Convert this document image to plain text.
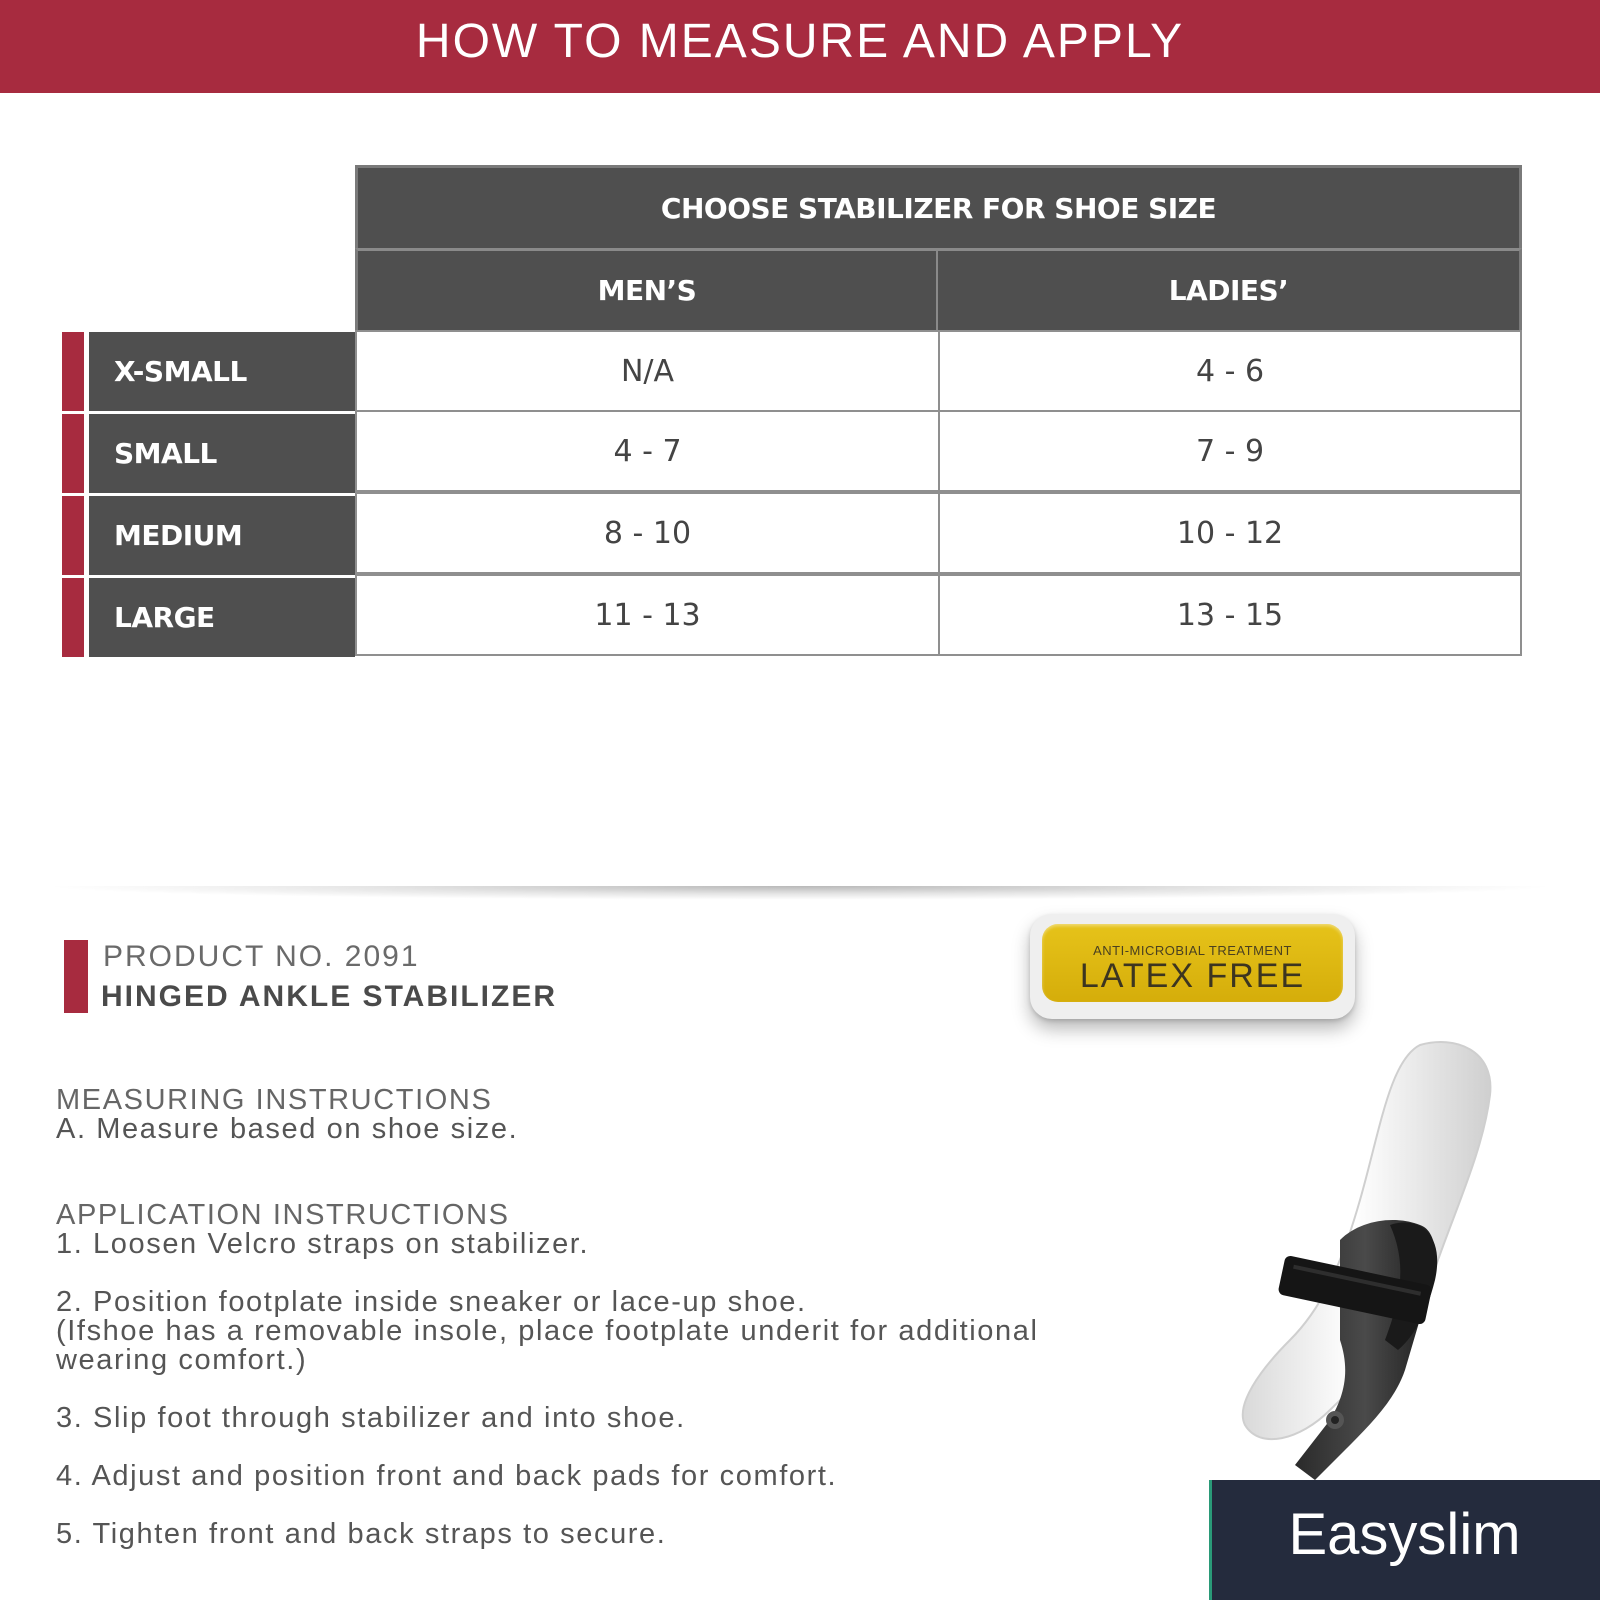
HOW TO MEASURE AND APPLY
CHOOSE STABILIZER FOR SHOE SIZE
MEN’S	LADIES’
X-SMALL	N/A	4 - 6
SMALL	4 - 7	7 - 9
MEDIUM	8 - 10	10 - 12
LARGE	11 - 13	13 - 15
PRODUCT NO. 2091
HINGED ANKLE STABILIZER
ANTI-MICROBIAL TREATMENT
LATEX FREE
MEASURING INSTRUCTIONS
A. Measure based on shoe size.
APPLICATION INSTRUCTIONS
1. Loosen Velcro straps on stabilizer.
2. Position footplate inside sneaker or lace-up shoe.
(Ifshoe has a removable insole, place footplate underit for additional
wearing comfort.)
3. Slip foot through stabilizer and into shoe.
4. Adjust and position front and back pads for comfort.
5. Tighten front and back straps to secure.	Easyslim
